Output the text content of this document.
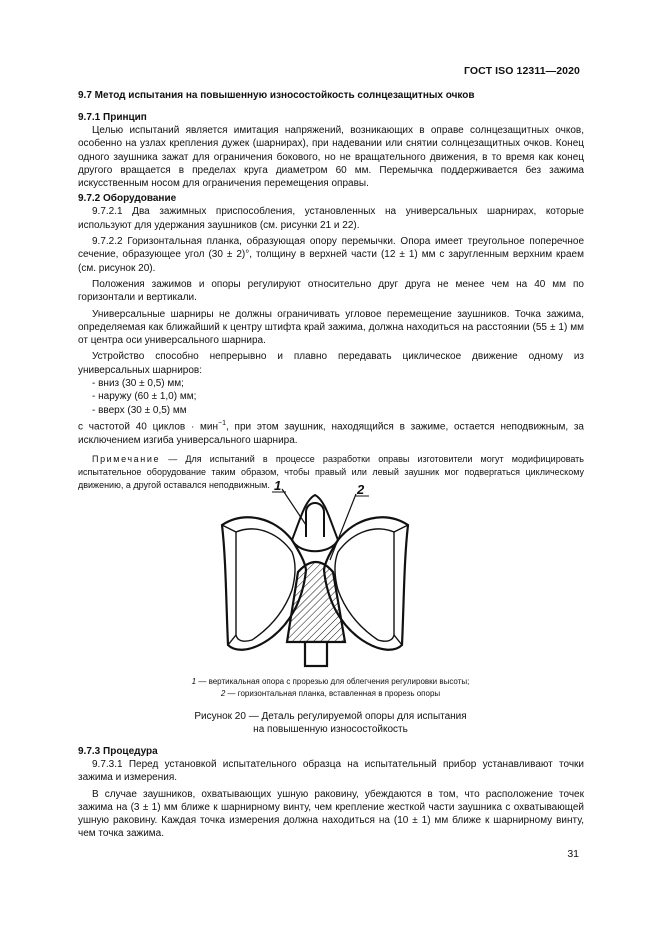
ГОСТ ISO 12311—2020
9.7 Метод испытания на повышенную износостойкость солнцезащитных очков
9.7.1 Принцип

Целью испытаний является имитация напряжений, возникающих в оправе солнцезащитных очков, особенно на узлах крепления дужек (шарнирах), при надевании или снятии солнцезащитных очков. Конец одного заушника зажат для ограничения бокового, но не вращательного движения, в то время как конец другого вращается в пределах круга диаметром 60 мм. Перемычка поддерживается без зажима искусственным носом для ограничения перемещения оправы.

9.7.2 Оборудование

9.7.2.1 Два зажимных приспособления, установленных на универсальных шарнирах, которые используют для удержания заушников (см. рисунки 21 и 22).

9.7.2.2 Горизонтальная планка, образующая опору перемычки. Опора имеет треугольное поперечное сечение, образующее угол (30 ± 2)°, толщину в верхней части (12 ± 1) мм с заругленным верхним краем (см. рисунок 20).

Положения зажимов и опоры регулируют относительно друг друга не менее чем на 40 мм по горизонтали и вертикали.

Универсальные шарниры не должны ограничивать угловое перемещение заушников. Точка зажима, определяемая как ближайший к центру штифта край зажима, должна находиться на расстоянии (55 ± 1) мм от центра оси универсального шарнира.

Устройство способно непрерывно и плавно передавать циклическое движение одному из универсальных шарниров:

- вниз (30 ± 0,5) мм;

- наружу (60 ± 1,0) мм;

- вверх (30 ± 0,5) мм

с частотой 40 циклов · мин$^{-1}$, при этом заушник, находящийся в зажиме, остается неподвижным, за исключением изгиба универсального шарнира.

Примечание — Для испытаний в процессе разработки оправы изготовители могут модифицировать испытательное оборудование таким образом, чтобы правый или левый заушник мог подвергаться циклическому движению, а другой оставался неподвижным. 1	2
1 — вертикальная опора с прорезью для облегчения регулировки высоты;
2 — горизонтальная планка, вставленная в прорезь опоры
Рисунок 20 — Деталь регулируемой опоры для испытания
на повышенную износостойкость
9.7.3 Процедура

9.7.3.1 Перед установкой испытательного образца на испытательный прибор устанавливают точки зажима и измерения.

В случае заушников, охватывающих ушную раковину, убеждаются в том, что расположение точек зажима на (3 ± 1) мм ближе к шарнирному винту, чем крепление жесткой части заушника с охватывающей ушную раковину. Каждая точка измерения должна находиться на (10 ± 1) мм ближе к шарнирному винту, чем точка зажима.

31
